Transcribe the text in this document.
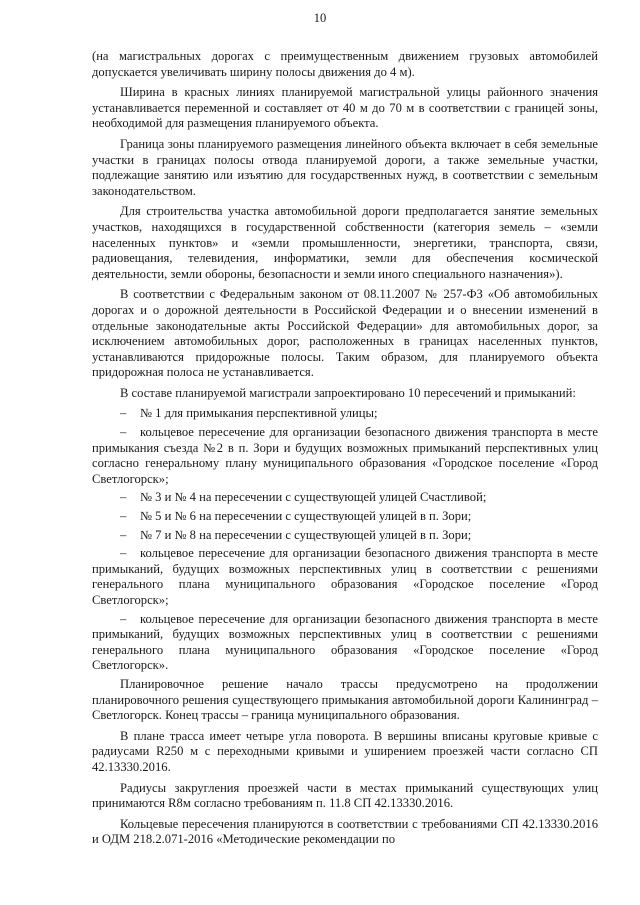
10

(на магистральных дорогах с преимущественным движением грузовых автомобилей допускается увеличивать ширину полосы движения до 4 м).

Ширина в красных линиях планируемой магистральной улицы районного значения устанавливается переменной и составляет от 40 м до 70 м в соответствии с границей зоны, необходимой для размещения планируемого объекта.

Граница зоны планируемого размещения линейного объекта включает в себя земельные участки в границах полосы отвода планируемой дороги, а также земельные участки, подлежащие занятию или изъятию для государственных нужд, в соответствии с земельным законодательством.

Для строительства участка автомобильной дороги предполагается занятие земельных участков, находящихся в государственной собственности (категория земель – «земли населенных пунктов» и «земли промышленности, энергетики, транспорта, связи, радиовещания, телевидения, информатики, земли для обеспечения космической деятельности, земли обороны, безопасности и земли иного специального назначения»).

В соответствии с Федеральным законом от 08.11.2007 № 257-ФЗ «Об автомобильных дорогах и о дорожной деятельности в Российской Федерации и о внесении изменений в отдельные законодательные акты Российской Федерации» для автомобильных дорог, за исключением автомобильных дорог, расположенных в границах населенных пунктов, устанавливаются придорожные полосы. Таким образом, для планируемого объекта придорожная полоса не устанавливается.

В составе планируемой магистрали запроектировано 10 пересечений и примыканий:

– № 1 для примыкания перспективной улицы;
– кольцевое пересечение для организации безопасного движения транспорта в месте примыкания съезда №2 в п. Зори и будущих возможных примыканий перспективных улиц согласно генеральному плану муниципального образования «Городское поселение «Город Светлогорск»;
– № 3 и № 4 на пересечении с существующей улицей Счастливой;
– № 5 и № 6 на пересечении с существующей улицей в п. Зори;
– № 7 и № 8 на пересечении с существующей улицей в п. Зори;
– кольцевое пересечение для организации безопасного движения транспорта в месте примыканий, будущих возможных перспективных улиц в соответствии с решениями генерального плана муниципального образования «Городское поселение «Город Светлогорск»;
– кольцевое пересечение для организации безопасного движения транспорта в месте примыканий, будущих возможных перспективных улиц в соответствии с решениями генерального плана муниципального образования «Городское поселение «Город Светлогорск».

Планировочное решение начало трассы предусмотрено на продолжении планировочного решения существующего примыкания автомобильной дороги Калининград – Светлогорск. Конец трассы – граница муниципального образования.

В плане трасса имеет четыре угла поворота. В вершины вписаны круговые кривые с радиусами R250 м с переходными кривыми и уширением проезжей части согласно СП 42.13330.2016.

Радиусы закругления проезжей части в местах примыканий существующих улиц принимаются R8м согласно требованиям п. 11.8 СП 42.13330.2016.

Кольцевые пересечения планируются в соответствии с требованиями СП 42.13330.2016 и ОДМ 218.2.071-2016 «Методические рекомендации по
